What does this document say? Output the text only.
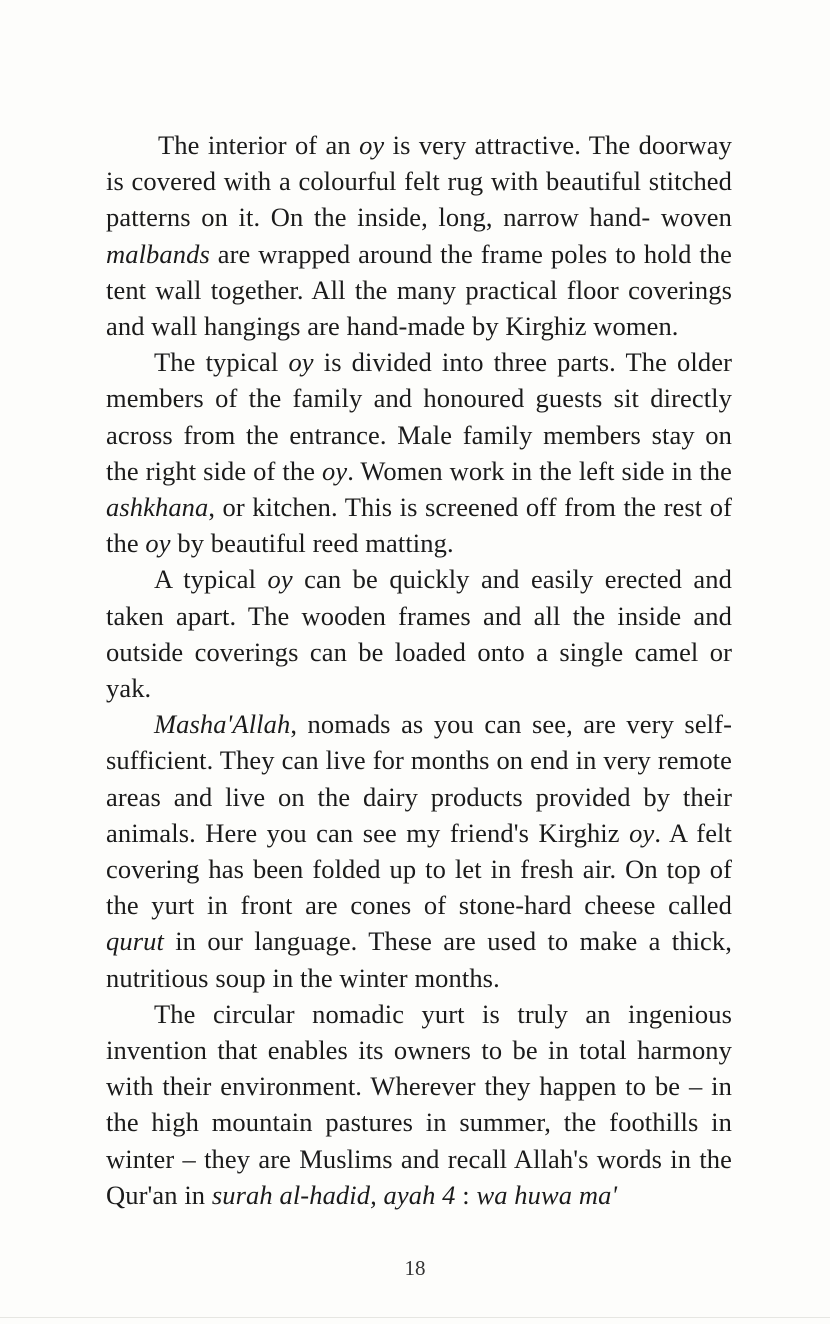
The interior of an oy is very attractive. The doorway is covered with a colourful felt rug with beautiful stitched patterns on it. On the inside, long, narrow hand- woven malbands are wrapped around the frame poles to hold the tent wall together. All the many practical floor coverings and wall hangings are hand-made by Kirghiz women.

The typical oy is divided into three parts. The older members of the family and honoured guests sit directly across from the entrance. Male family members stay on the right side of the oy. Women work in the left side in the ashkhana, or kitchen. This is screened off from the rest of the oy by beautiful reed matting.

A typical oy can be quickly and easily erected and taken apart. The wooden frames and all the inside and outside coverings can be loaded onto a single camel or yak.

Masha'Allah, nomads as you can see, are very self-sufficient. They can live for months on end in very remote areas and live on the dairy products provided by their animals. Here you can see my friend's Kirghiz oy. A felt covering has been folded up to let in fresh air. On top of the yurt in front are cones of stone-hard cheese called qurut in our language. These are used to make a thick, nutritious soup in the winter months.

The circular nomadic yurt is truly an ingenious invention that enables its owners to be in total harmony with their environment. Wherever they happen to be – in the high mountain pastures in summer, the foothills in winter – they are Muslims and recall Allah's words in the Qur'an in surah al-hadid, ayah 4 : wa huwa ma'

18
